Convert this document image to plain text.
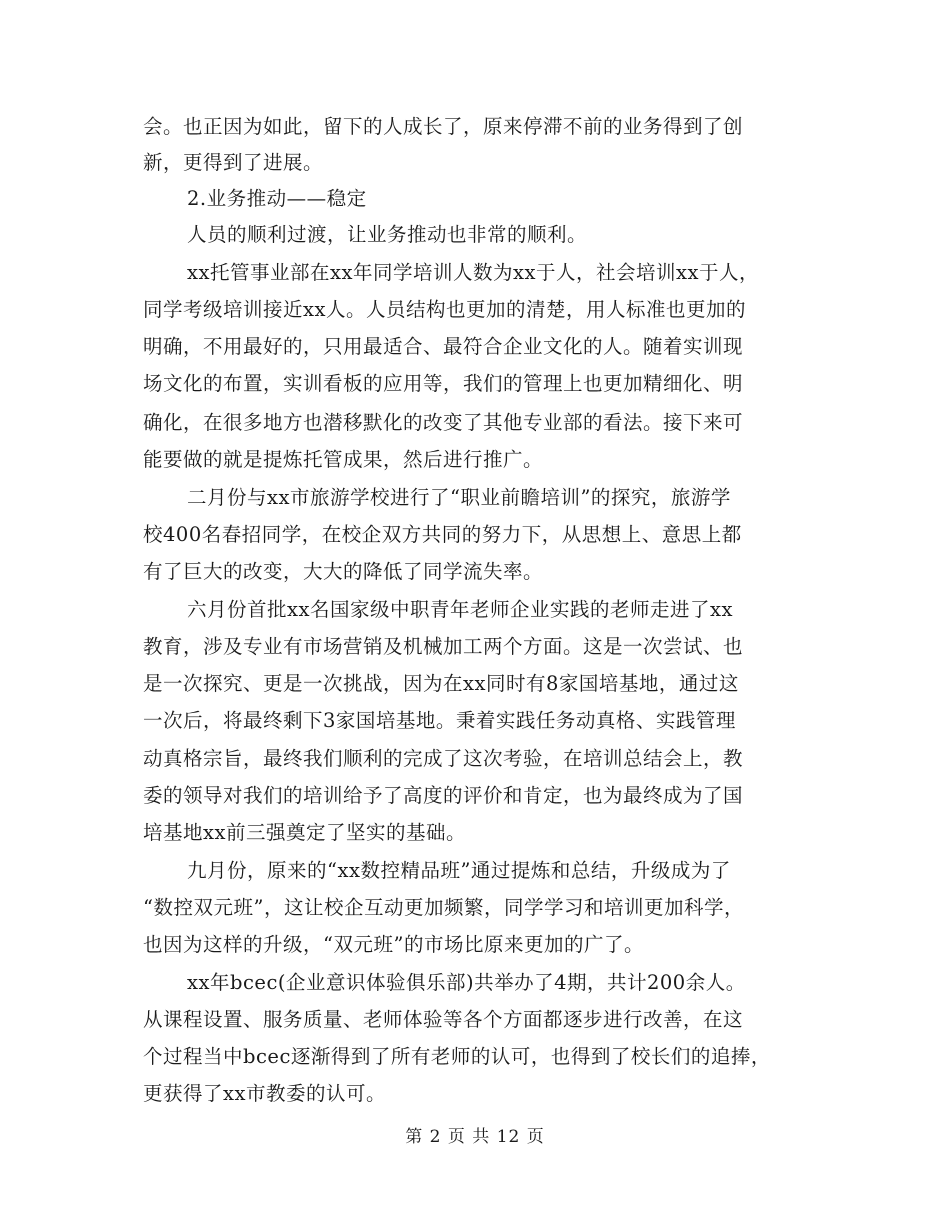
会。也正因为如此，留下的人成长了，原来停滞不前的业务得到了创
新，更得到了进展。
2.业务推动——稳定
人员的顺利过渡，让业务推动也非常的顺利。
xx托管事业部在xx年同学培训人数为xx于人，社会培训xx于人，
同学考级培训接近xx人。人员结构也更加的清楚，用人标准也更加的
明确，不用最好的，只用最适合、最符合企业文化的人。随着实训现
场文化的布置，实训看板的应用等，我们的管理上也更加精细化、明
确化，在很多地方也潜移默化的改变了其他专业部的看法。接下来可
能要做的就是提炼托管成果，然后进行推广。
二月份与xx市旅游学校进行了“职业前瞻培训”的探究，旅游学
校400名春招同学，在校企双方共同的努力下，从思想上、意思上都
有了巨大的改变，大大的降低了同学流失率。
六月份首批xx名国家级中职青年老师企业实践的老师走进了xx
教育，涉及专业有市场营销及机械加工两个方面。这是一次尝试、也
是一次探究、更是一次挑战，因为在xx同时有8家国培基地，通过这
一次后，将最终剩下3家国培基地。秉着实践任务动真格、实践管理
动真格宗旨，最终我们顺利的完成了这次考验，在培训总结会上，教
委的领导对我们的培训给予了高度的评价和肯定，也为最终成为了国
培基地xx前三强奠定了坚实的基础。
九月份，原来的“xx数控精品班”通过提炼和总结，升级成为了
“数控双元班”，这让校企互动更加频繁，同学学习和培训更加科学，
也因为这样的升级，“双元班”的市场比原来更加的广了。
xx年bcec(企业意识体验俱乐部)共举办了4期，共计200余人。
从课程设置、服务质量、老师体验等各个方面都逐步进行改善，在这
个过程当中bcec逐渐得到了所有老师的认可，也得到了校长们的追捧，
更获得了xx市教委的认可。
第 2 页 共 12 页
